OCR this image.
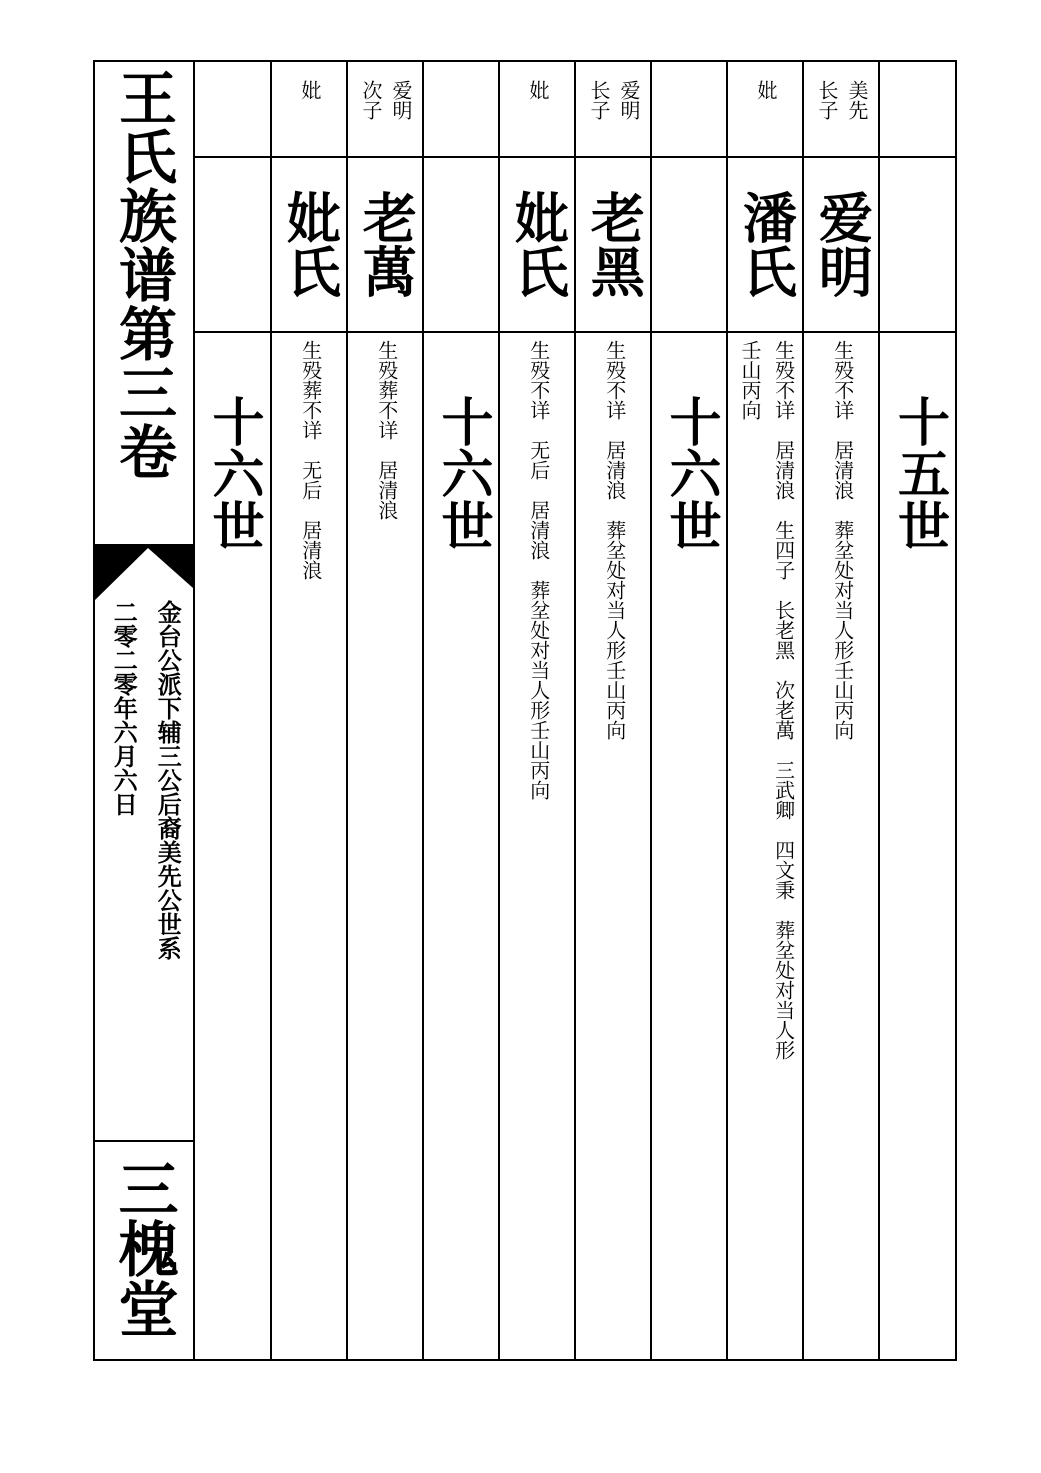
王氏族谱第三卷
金台公派下辅三公后裔美先公世系
二零二零年六月六日
三槐堂
十五世
美先
长子
爱明
生殁不详　居清浪　葬坌处对当人形壬山丙向
妣
潘氏
生殁不详　居清浪　生四子　长老黑　次老萬　三武卿　四文秉　葬坌处对当人形
壬山丙向
十六世
爱明
长子
老黑
生殁不详　居清浪　葬坌处对当人形壬山丙向
妣
妣氏
生殁不详　无后　居清浪　葬坌处对当人形壬山丙向
十六世
爱明
次子
老萬
生殁葬不详　居清浪
妣
妣氏
生殁葬不详　无后　居清浪
十六世
